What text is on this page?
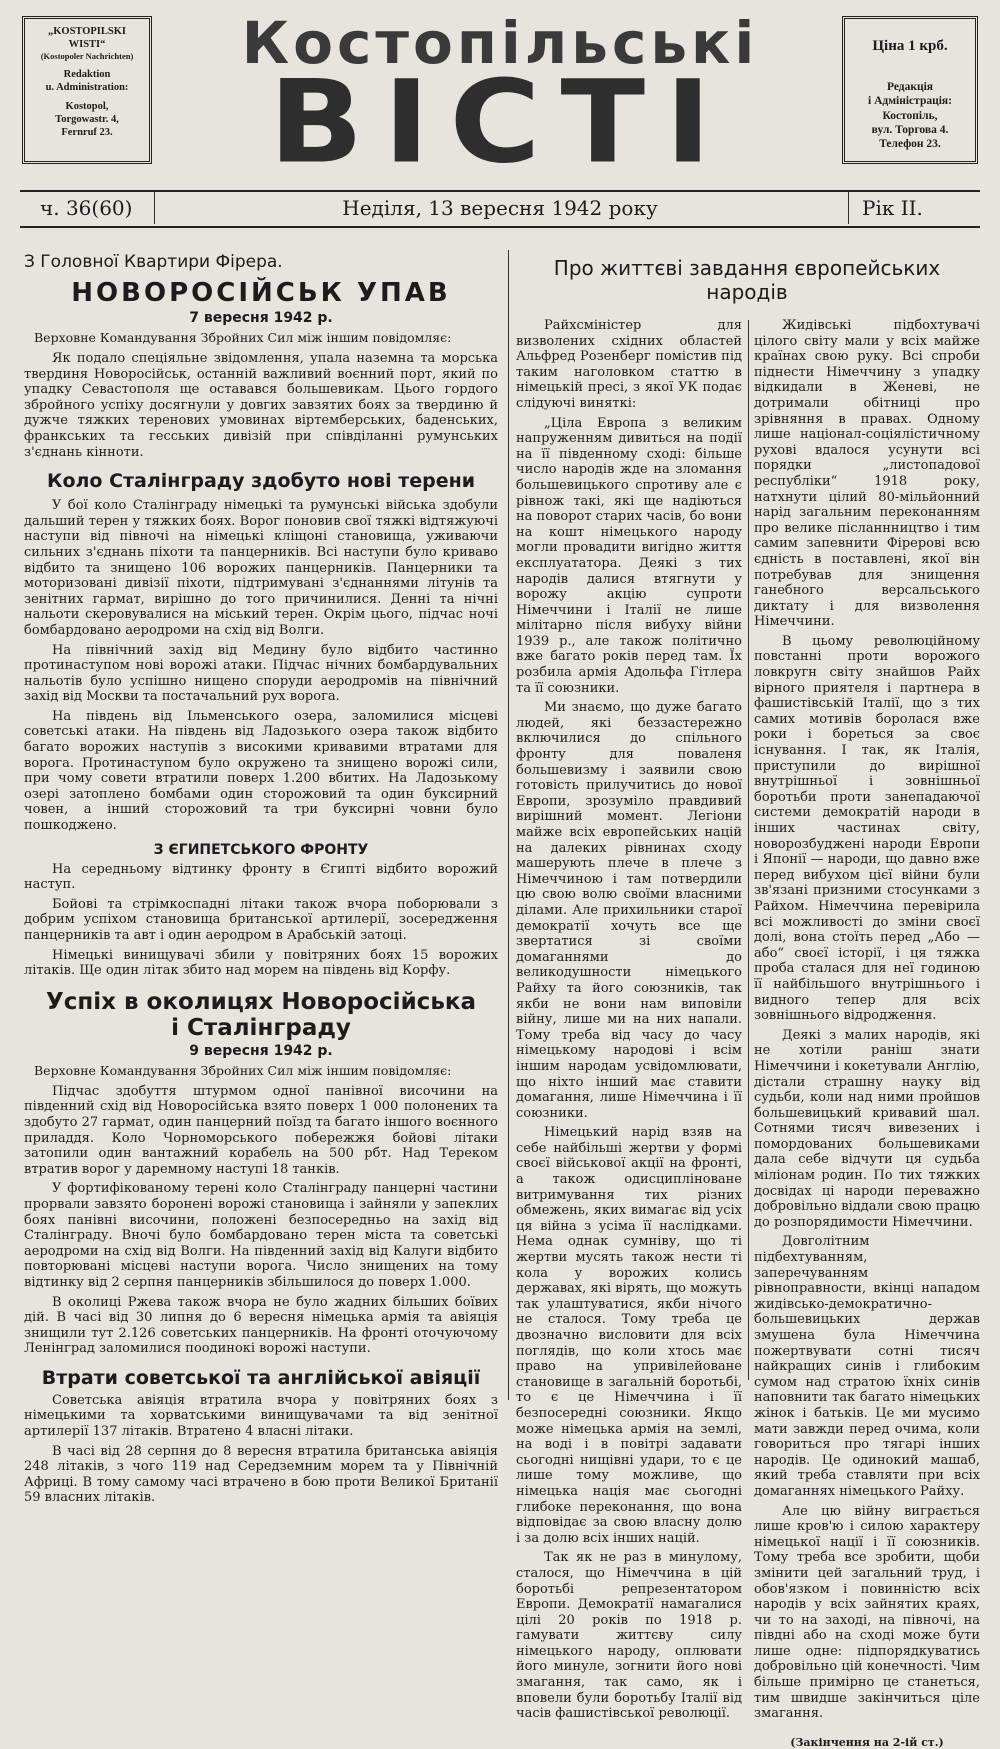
„KOSTOPILSKI
WISTI“
(Kostopoler Nachrichten)
Redaktion
u. Administration:
Kostopol,
Torgowastr. 4,
Fernruf 23.
Костопільські
ВІСТІ
Ціна 1 крб.
Редакція
і Адміністрація:
Костопіль,
вул. Торгова 4.
Телефон 23.
ч. 36(60)	Неділя, 13 вересня 1942 року	Рік II.
З Головної Квартири Фірера.
НОВОРОСІЙСЬК УПАВ
7 вересня 1942 р.
Верховне Командування Збройних Сил між іншим повідомляє:

Як подало спеціяльне звідомлення, упала наземна та морська твердиня Новоросійськ, останній важливий воєнний порт, який по упадку Севастополя ще оставався большевикам. Цього гордого збройного успіху досягнули у довгих завзятих боях за твердиню й дужче тяжких теренових умовинах віртемберських, баденських, франкських та гесських дивізій при співділанні румунських з'єднань кінноти.

Коло Сталінграду здобуто нові терени

У бої коло Сталінграду німецькі та румунські війська здобули дальший терен у тяжких боях. Ворог поновив свої тяжкі відтяжуючі наступи від півночі на німецькі кліщоні становища, уживаючи сильних з'єднань піхоти та панцерників. Всі наступи було криваво відбито та знищено 106 ворожих панцерників. Панцерники та моторизовані дивізії піхоти, підтримувані з'єднаннями літунів та зенітних гармат, вирішно до того причинилися. Денні та нічні нальоти скеровувалися на міський терен. Окрім цього, підчас ночі бомбардовано аеродроми на схід від Волги.

На північний захід від Медину було відбито частинно протинаступом нові ворожі атаки. Підчас нічних бомбардувальних нальотів було успішно нищено споруди аеродромів на північний захід від Москви та постачальний рух ворога.

На південь від Ільменського озера, заломилися місцеві советські атаки. На південь від Ладозького озера також відбито багато ворожих наступів з високими кривавими втратами для ворога. Протинаступом було окружено та знищено ворожі сили, при чому совети втратили поверх 1.200 вбитих. На Ладозькому озері затоплено бомбами один сторожовий та один буксирний човен, а інший сторожовий та три буксирні човни було пошкоджено.

З ЄГИПЕТСЬКОГО ФРОНТУ

На середньому відтинку фронту в Єгипті відбито ворожий наступ.

Бойові та стрімкоспадні літаки також вчора поборювали з добрим успіхом становища британської артилерії, зосередження панцерників та авт і один аеродром в Арабській затоці.

Німецькі винищувачі збили у повітряних боях 15 ворожих літаків. Ще один літак збито над морем на південь від Корфу.

Успіх в околицях Новоросійська
і Сталінграду
9 вересня 1942 р.
Верховне Командування Збройних Сил між іншим повідомляє:

Підчас здобуття штурмом одної панівної височини на південний схід від Новоросійська взято поверх 1 000 полонених та здобуто 27 гармат, один панцерний поїзд та багато іншого воєнного приладдя. Коло Чорноморського побережжя бойові літаки затопили один вантажний корабель на 500 рбт. Над Тереком втратив ворог у даремному наступі 18 танків.

У фортифікованому терені коло Сталінграду панцерні частини прорвали завзято боронені ворожі становища і зайняли у запеклих боях панівні височини, положені безпосередньо на захід від Сталінграду. Вночі було бомбардовано терен міста та советські аеродроми на схід від Волги. На південний захід від Калуги відбито повторювані місцеві наступи ворога. Число знищених на тому відтинку від 2 серпня панцерників збільшилося до поверх 1.000.

В околиці Ржева також вчора не було жадних більших боївих дій. В часі від 30 липня до 6 вересня німецька армія та авіяція знищили тут 2.126 советських панцерників. На фронті оточуючому Ленінград заломилися поодинокі ворожі наступи.

Втрати советської та англійської авіяції

Советська авіяція втратила вчора у повітряних боях з німецькими та хорватськими винищувачами та від зенітної артилерії 137 літаків. Втратено 4 власні літаки.

В часі від 28 серпня до 8 вересня втратила британська авіяція 248 літаків, з чого 119 над Середземним морем та у Північній Африці. В тому самому часі втрачено в бою проти Великої Британії 59 власних літаків.

Про життєві завдання європейських
народів

Райхсміністер для визволених східних областей Альфред Розенберг помістив під таким наголовком статтю в німецькій пресі, з якої УК подає слідуючі виняткі:

„Ціла Европа з великим напруженням дивиться на події на її південному сході: більше число народів жде на зломання большевицького спротиву але є рівнож такі, які ще надіються на поворот старих часів, бо вони на кошт німецького народу могли провадити вигідно життя експлуататора. Деякі з тих народів далися втягнути у ворожу акцію супроти Німеччини і Італії не лише мілітарно після вибуху війни 1939 р., але також політично вже багато років перед там. Їх розбила армія Адольфа Гітлера та її союзники.

Ми знаємо, що дуже багато людей, які беззастережно включилися до спільного фронту для поваленя большевизму і заявили свою готовість прилучитись до нової Европи, зрозуміло правдивий вирішний момент. Легіони майже всіх европейських націй на далеких рівнинах сходу машерують плече в плече з Німеччиною і там потвердили цю свою волю своїми власними ділами. Але прихильники старої демократії хочуть все ще звертатися зі своїми домаганнями до великодушности німецького Райху та його союзників, так якби не вони нам виповіли війну, лише ми на них напали. Тому треба від часу до часу німецькому народові і всім іншим народам усвідомлювати, що ніхто інший має ставити домагання, лише Німеччина і її союзники.

Німецький нарід взяв на себе найбільші жертви у формі своєї військової акції на фронті, а також одисципліноване витримування тих різних обмежень, яких вимагає від усіх ця війна з усіма її наслідками. Нема однак сумніву, що ті жертви мусять також нести ті кола у ворожих колись державах, які вірять, що можуть так улаштуватися, якби нічого не сталося. Тому треба це двозначно висловити для всіх поглядів, що коли хтось має право на упривілейоване становище в загальній боротьбі, то є це Німеччина і її безпосередні союзники. Якщо може німецька армія на землі, на воді і в повітрі задавати сьогодні нищівні удари, то є це лише тому можливе, що німецька нація має сьогодні глибоке переконання, що вона відповідає за свою власну долю і за долю всіх інших націй.

Так як не раз в минулому, сталося, що Німеччина в цій боротьбі репрезентатором Европи. Демократії намагалися цілі 20 років по 1918 р. гамувати життєву силу німецького народу, оплювати його минуле, зогнити його нові змагання, так само, як і вповели були боротьбу Італії від часів фашистівської революції.

Жидівські підбохтувачі цілого світу мали у всіх майже країнах свою руку. Всі спроби піднести Німеччину з упадку відкидали в Женеві, не дотримали обітниці про зрівняння в правах. Одному лише націонал-соціялістичному рухові вдалося усунути всі порядки „листопадової республіки“ 1918 року, натхнути цілий 80-мільйонний нарід загальним переконанням про велике післаннництво і тим самим запевнити Фірерові всю єдність в поставлені, якої він потребував для знищення ганебного версальського диктату і для визволення Німеччини.

В цьому революційному повстанні проти ворожого ловкругн світу знайшов Райх вірного приятеля і партнера в фашистівській Італії, що з тих самих мотивів боролася вже роки і бореться за своє існування. І так, як Італія, приступили до вирішної внутрішньої і зовнішньої боротьби проти занепадаючої системи демократій народи в інших частинах світу, новорозбуджені народи Европи і Японії — народи, що давно вже перед вибухом цієї війни були зв'язані призними стосунками з Райхом. Німеччина перевірила всі можливості до зміни своєї долі, вона стоїть перед „Або — або“ своєї історії, і ця тяжка проба сталася для неї годиною її найбільшого внутрішнього і видного тепер для всіх зовнішнього відродження.

Деякі з малих народів, які не хотіли раніш знати Німеччини і кокетували Англію, дістали страшну науку від судьби, коли над ними пройшов большевицький кривавий шал. Сотнями тисяч вивезених і помордованих большевиками дала себе відчути ця судьба міліонам родин. По тих тяжких досвідах ці народи переважно добровільно віддали свою працю до розпорядимости Німеччини.

Довголітним підбехтуванням, заперечуванням рівноправности, вкінці нападом жидівсько-демократично-большевицьких держав змушена була Німеччина пожертвувати сотні тисяч найкращих синів і глибоким сумом над стратою їхніх синів наповнити так багато німецьких жінок і батьків. Це ми мусимо мати завжди перед очима, коли говориться про тягарі інших народів. Це одинокий машаб, який треба ставляти при всіх домаганнях німецького Райху.

Але цю війну виграється лише кров'ю і силою характеру німецької нації і її союзників. Тому треба все зробити, щоби змінити цей загальний труд, і обов'язком і повинністю всіх народів у всіх зайнятих краях, чи то на заході, на півночі, на півдні або на сході може бути лише одне: підпорядкуватись добровільно цій конечності. Чим більше примірно це станеться, тим швидше закінчиться ціле змагання.

(Закінчення на 2-ій ст.)
